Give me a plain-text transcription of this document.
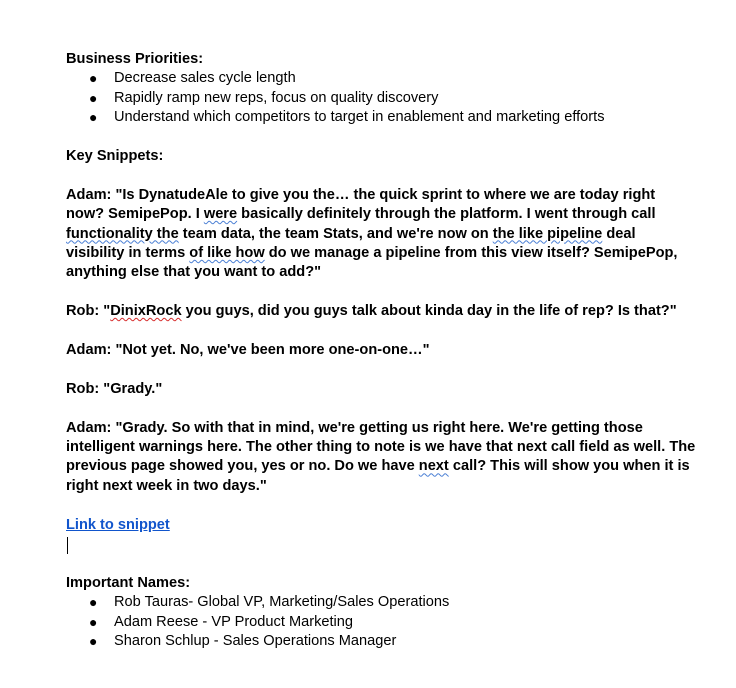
Business Priorities:

● Decrease sales cycle length
● Rapidly ramp new reps, focus on quality discovery
● Understand which competitors to target in enablement and marketing efforts

Key Snippets:

Adam: "Is DynatudeAle to give you the… the quick sprint to where we are today right now? SemipePop. I were basically definitely through the platform. I went through call functionality the team data, the team Stats, and we're now on the like pipeline deal visibility in terms of like how do we manage a pipeline from this view itself? SemipePop, anything else that you want to add?"

Rob: "DinixRock you guys, did you guys talk about kinda day in the life of rep? Is that?"

Adam: "Not yet. No, we've been more one-on-one…"

Rob: "Grady."

Adam: "Grady. So with that in mind, we're getting us right here. We're getting those intelligent warnings here. The other thing to note is we have that next call field as well. The previous page showed you, yes or no. Do we have next call? This will show you when it is right next week in two days."

Link to snippet

Important Names:

● Rob Tauras- Global VP, Marketing/Sales Operations
● Adam Reese - VP Product Marketing
● Sharon Schlup - Sales Operations Manager
